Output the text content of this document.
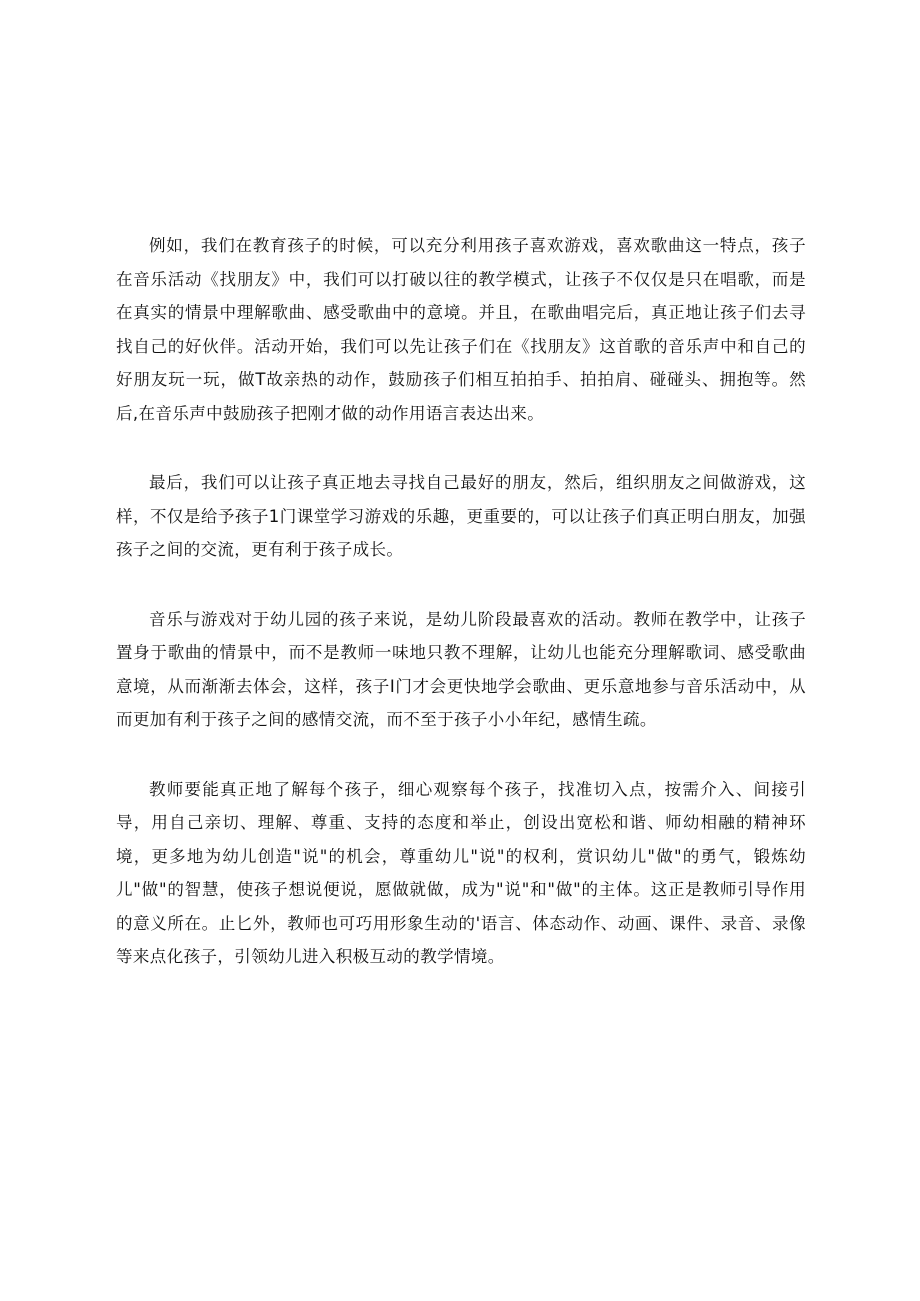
例如，我们在教育孩子的时候，可以充分利用孩子喜欢游戏，喜欢歌曲这一特点，孩子在音乐活动《找朋友》中，我们可以打破以往的教学模式，让孩子不仅仅是只在唱歌，而是在真实的情景中理解歌曲、感受歌曲中的意境。并且，在歌曲唱完后，真正地让孩子们去寻找自己的好伙伴。活动开始，我们可以先让孩子们在《找朋友》这首歌的音乐声中和自己的好朋友玩一玩，做T故亲热的动作，鼓励孩子们相互拍拍手、拍拍肩、碰碰头、拥抱等。然后,在音乐声中鼓励孩子把刚才做的动作用语言表达出来。

最后，我们可以让孩子真正地去寻找自己最好的朋友，然后，组织朋友之间做游戏，这样，不仅是给予孩子1门课堂学习游戏的乐趣，更重要的，可以让孩子们真正明白朋友，加强孩子之间的交流，更有利于孩子成长。

音乐与游戏对于幼儿园的孩子来说，是幼儿阶段最喜欢的活动。教师在教学中，让孩子置身于歌曲的情景中，而不是教师一味地只教不理解，让幼儿也能充分理解歌词、感受歌曲意境，从而渐渐去体会，这样，孩子I门才会更快地学会歌曲、更乐意地参与音乐活动中，从而更加有利于孩子之间的感情交流，而不至于孩子小小年纪，感情生疏。

教师要能真正地了解每个孩子，细心观察每个孩子，找准切入点，按需介入、间接引导，用自己亲切、理解、尊重、支持的态度和举止，创设出宽松和谐、师幼相融的精神环境，更多地为幼儿创造"说"的机会，尊重幼儿"说"的权利，赏识幼儿"做"的勇气，锻炼幼儿"做"的智慧，使孩子想说便说，愿做就做，成为"说"和"做"的主体。这正是教师引导作用的意义所在。止匕外，教师也可巧用形象生动的'语言、体态动作、动画、课件、录音、录像等来点化孩子，引领幼儿进入积极互动的教学情境。
